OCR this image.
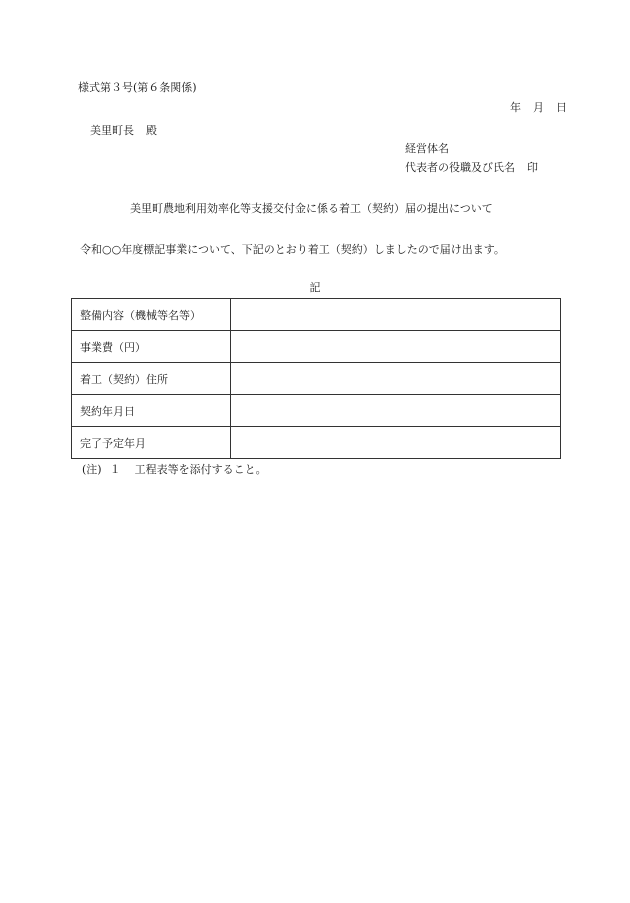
様式第３号(第６条関係)
年 月 日
美里町長 殿
経営体名
代表者の役職及び氏名 印
美里町農地利用効率化等支援交付金に係る着工（契約）届の提出について
令和○○年度標記事業について、下記のとおり着工（契約）しましたので届け出ます。
記
整備内容（機械等名等）	
事業費（円）	
着工（契約）住所	
契約年月日	
完了予定年月	
(注) １ 工程表等を添付すること。
